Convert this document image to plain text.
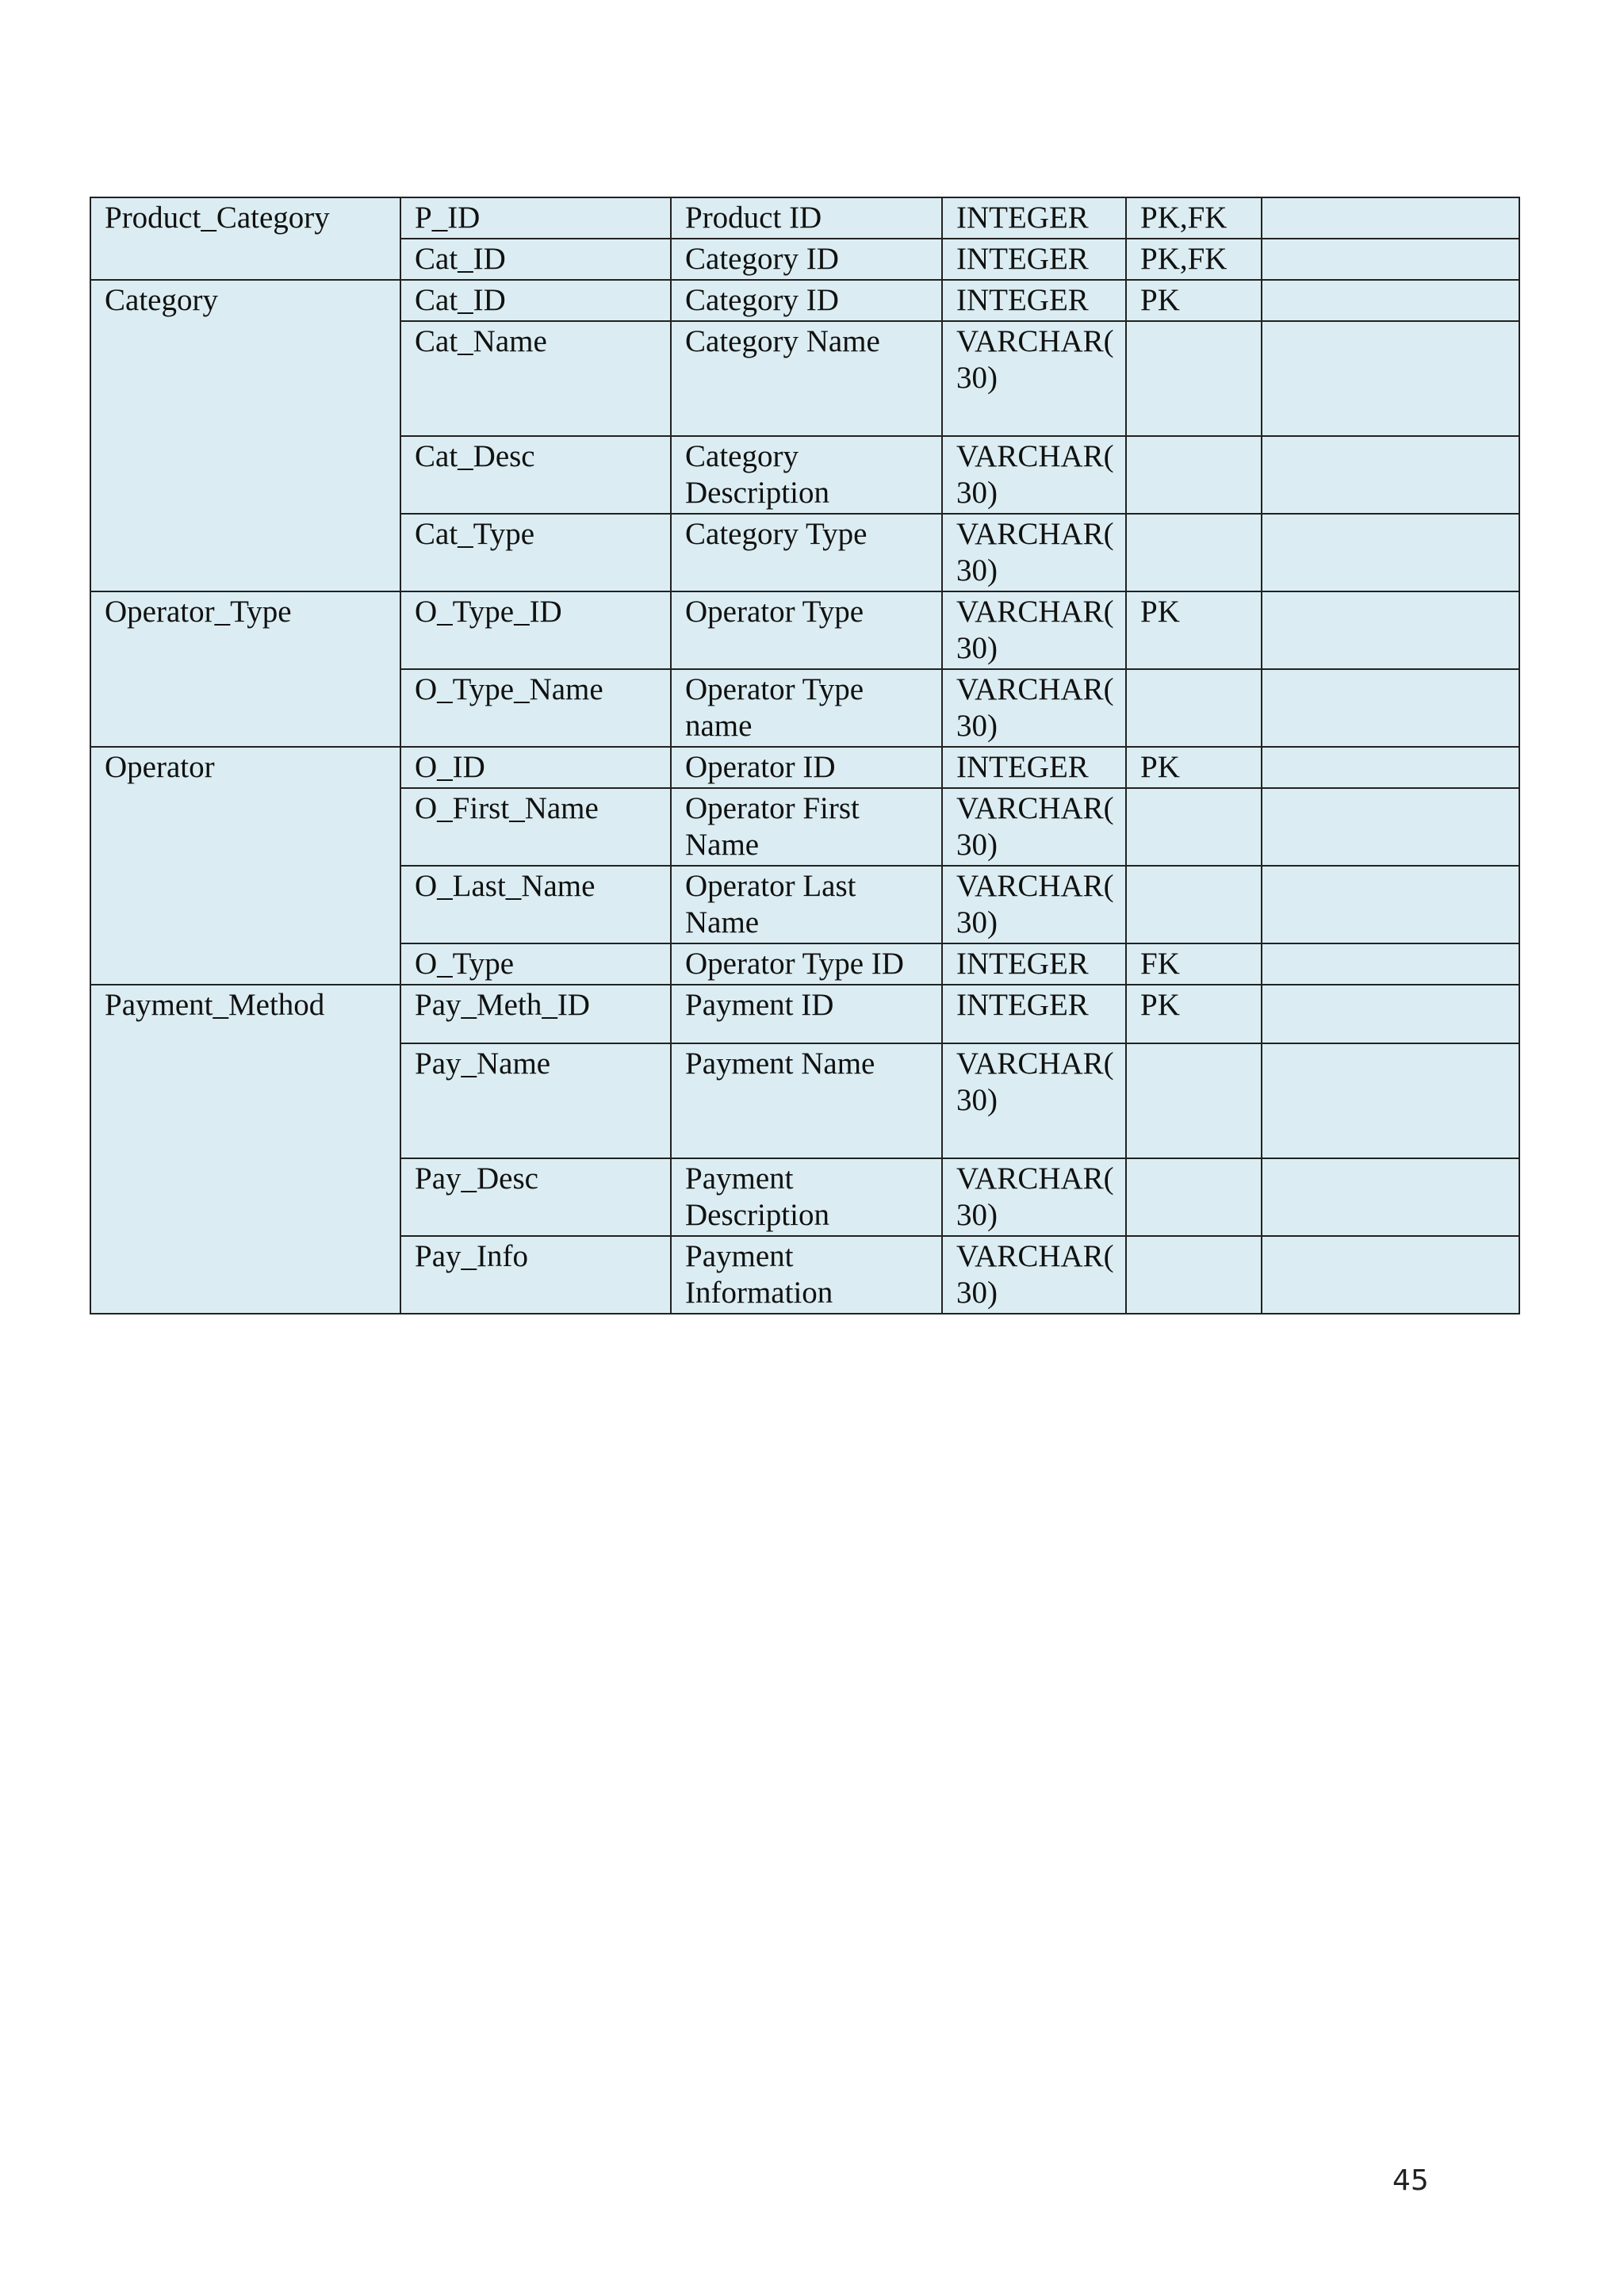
Product_Category	P_ID	Product ID	INTEGER	PK,FK	
	Cat_ID	Category ID	INTEGER	PK,FK	
Category	Cat_ID	Category ID	INTEGER	PK	
	Cat_Name	Category Name	VARCHAR(30)		
	Cat_Desc	Category Description	VARCHAR(30)		
	Cat_Type	Category Type	VARCHAR(30)		
Operator_Type	O_Type_ID	Operator Type	VARCHAR(30)	PK	
	O_Type_Name	Operator Type name	VARCHAR(30)		
Operator	O_ID	Operator ID	INTEGER	PK	
	O_First_Name	Operator First Name	VARCHAR(30)		
	O_Last_Name	Operator Last Name	VARCHAR(30)		
	O_Type	Operator Type ID	INTEGER	FK	
Payment_Method	Pay_Meth_ID	Payment ID	INTEGER	PK	
	Pay_Name	Payment Name	VARCHAR(30)		
	Pay_Desc	Payment Description	VARCHAR(30)		
	Pay_Info	Payment Information	VARCHAR(30)		
45
